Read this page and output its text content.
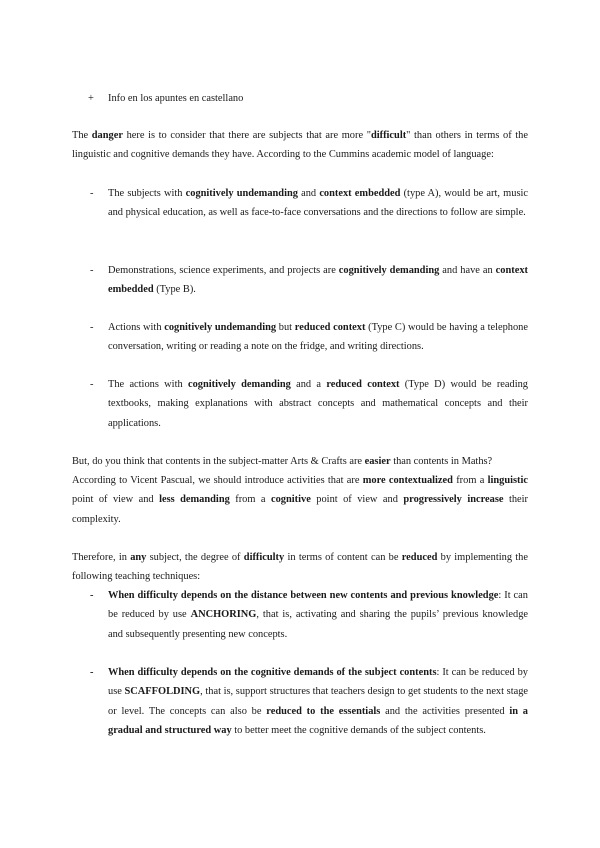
+	Info en los apuntes en castellano

The danger here is to consider that there are subjects that are more "difficult" than others in terms of the linguistic and cognitive demands they have. According to the Cummins academic model of language:

-	The subjects with cognitively undemanding and context embedded (type A), would be art, music and physical education, as well as face-to-face conversations and the directions to follow are simple.

-	Demonstrations, science experiments, and projects are cognitively demanding and have an context embedded (Type B).

-	Actions with cognitively undemanding but reduced context (Type C) would be having a telephone conversation, writing or reading a note on the fridge, and writing directions.

-	The actions with cognitively demanding and a reduced context (Type D) would be reading textbooks, making explanations with abstract concepts and mathematical concepts and their applications.

But, do you think that contents in the subject-matter Arts & Crafts are easier than contents in Maths?

According to Vicent Pascual, we should introduce activities that are more contextualized from a linguistic point of view and less demanding from a cognitive point of view and progressively increase their complexity.

Therefore, in any subject, the degree of difficulty in terms of content can be reduced by implementing the following teaching techniques:

-	When difficulty depends on the distance between new contents and previous knowledge: It can be reduced by use ANCHORING, that is, activating and sharing the pupils’ previous knowledge and subsequently presenting new concepts.

-	When difficulty depends on the cognitive demands of the subject contents: It can be reduced by use SCAFFOLDING, that is, support structures that teachers design to get students to the next stage or level. The concepts can also be reduced to the essentials and the activities presented in a gradual and structured way to better meet the cognitive demands of the subject contents.
